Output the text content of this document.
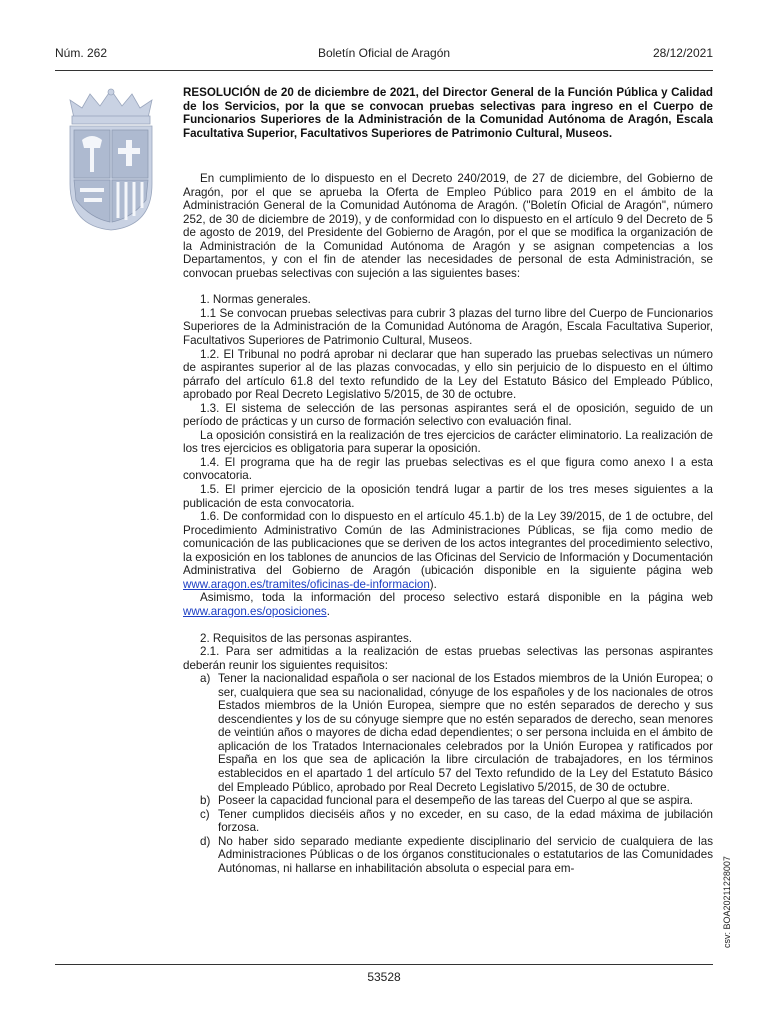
Núm. 262	Boletín Oficial de Aragón	28/12/2021
RESOLUCIÓN de 20 de diciembre de 2021, del Director General de la Función Pública y Calidad de los Servicios, por la que se convocan pruebas selectivas para ingreso en el Cuerpo de Funcionarios Superiores de la Administración de la Comunidad Autónoma de Aragón, Escala Facultativa Superior, Facultativos Superiores de Patrimonio Cultural, Museos.

En cumplimiento de lo dispuesto en el Decreto 240/2019, de 27 de diciembre, del Gobierno de Aragón, por el que se aprueba la Oferta de Empleo Público para 2019 en el ámbito de la Administración General de la Comunidad Autónoma de Aragón. ("Boletín Oficial de Aragón", número 252, de 30 de diciembre de 2019), y de conformidad con lo dispuesto en el artículo 9 del Decreto de 5 de agosto de 2019, del Presidente del Gobierno de Aragón, por el que se modifica la organización de la Administración de la Comunidad Autónoma de Aragón y se asignan competencias a los Departamentos, y con el fin de atender las necesidades de personal de esta Administración, se convocan pruebas selectivas con sujeción a las siguientes bases:

1. Normas generales.

1.1 Se convocan pruebas selectivas para cubrir 3 plazas del turno libre del Cuerpo de Funcionarios Superiores de la Administración de la Comunidad Autónoma de Aragón, Escala Facultativa Superior, Facultativos Superiores de Patrimonio Cultural, Museos.

1.2. El Tribunal no podrá aprobar ni declarar que han superado las pruebas selectivas un número de aspirantes superior al de las plazas convocadas, y ello sin perjuicio de lo dispuesto en el último párrafo del artículo 61.8 del texto refundido de la Ley del Estatuto Básico del Empleado Público, aprobado por Real Decreto Legislativo 5/2015, de 30 de octubre.

1.3. El sistema de selección de las personas aspirantes será el de oposición, seguido de un período de prácticas y un curso de formación selectivo con evaluación final.

La oposición consistirá en la realización de tres ejercicios de carácter eliminatorio. La realización de los tres ejercicios es obligatoria para superar la oposición.

1.4. El programa que ha de regir las pruebas selectivas es el que figura como anexo I a esta convocatoria.

1.5. El primer ejercicio de la oposición tendrá lugar a partir de los tres meses siguientes a la publicación de esta convocatoria.

1.6. De conformidad con lo dispuesto en el artículo 45.1.b) de la Ley 39/2015, de 1 de octubre, del Procedimiento Administrativo Común de las Administraciones Públicas, se fija como medio de comunicación de las publicaciones que se deriven de los actos integrantes del procedimiento selectivo, la exposición en los tablones de anuncios de las Oficinas del Servicio de Información y Documentación Administrativa del Gobierno de Aragón (ubicación disponible en la siguiente página web www.aragon.es/tramites/oficinas-de-informacion).

Asimismo, toda la información del proceso selectivo estará disponible en la página web www.aragon.es/oposiciones.

2. Requisitos de las personas aspirantes.

2.1. Para ser admitidas a la realización de estas pruebas selectivas las personas aspirantes deberán reunir los siguientes requisitos:

a) Tener la nacionalidad española o ser nacional de los Estados miembros de la Unión Europea; o ser, cualquiera que sea su nacionalidad, cónyuge de los españoles y de los nacionales de otros Estados miembros de la Unión Europea, siempre que no estén separados de derecho y sus descendientes y los de su cónyuge siempre que no estén separados de derecho, sean menores de veintiún años o mayores de dicha edad dependientes; o ser persona incluida en el ámbito de aplicación de los Tratados Internacionales celebrados por la Unión Europea y ratificados por España en los que sea de aplicación la libre circulación de trabajadores, en los términos establecidos en el apartado 1 del artículo 57 del Texto refundido de la Ley del Estatuto Básico del Empleado Público, aprobado por Real Decreto Legislativo 5/2015, de 30 de octubre.
b) Poseer la capacidad funcional para el desempeño de las tareas del Cuerpo al que se aspira.
c) Tener cumplidos dieciséis años y no exceder, en su caso, de la edad máxima de jubilación forzosa.
d) No haber sido separado mediante expediente disciplinario del servicio de cualquiera de las Administraciones Públicas o de los órganos constitucionales o estatutarios de las Comunidades Autónomas, ni hallarse en inhabilitación absoluta o especial para em-	csv: BOA20211228007
53528
